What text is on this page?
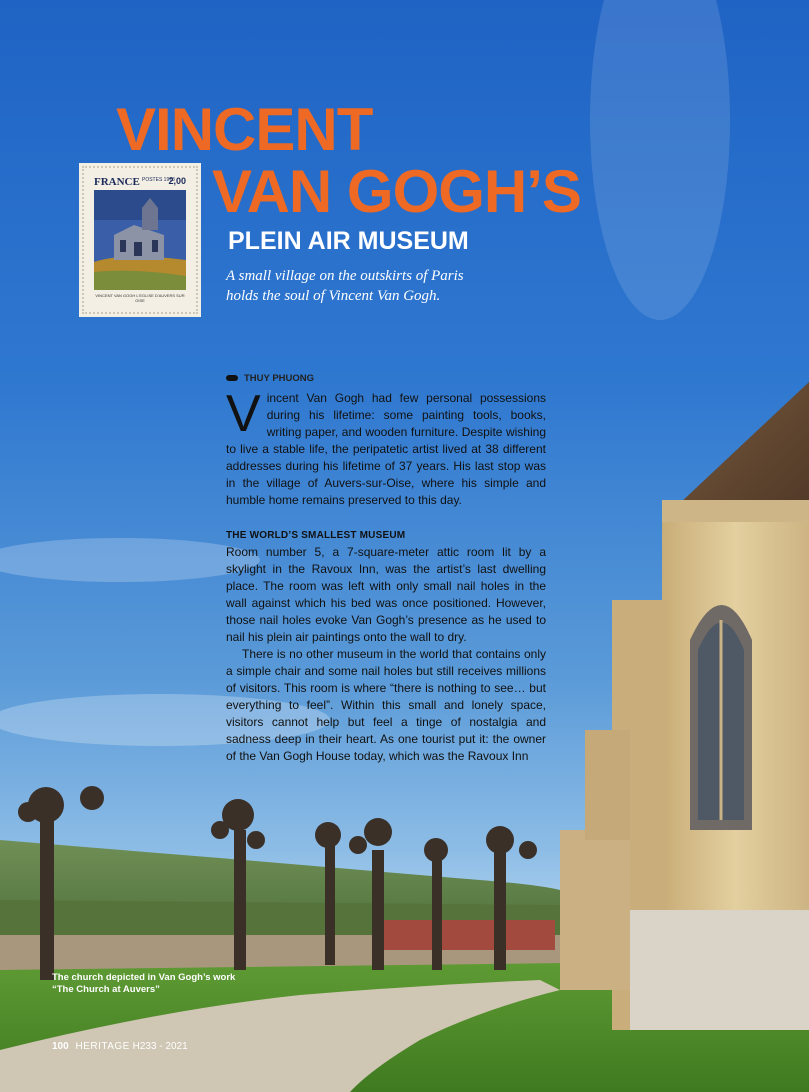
VINCENT
VAN GOGH’S
PLEIN AIR MUSEUM
A small village on the outskirts of Paris holds the soul of Vincent Van Gogh.
FRANCE POSTES 1978
2,00
VINCENT VAN GOGH L'EGLISE D'AUVERS SUR OISE
THUY PHUONG

Vincent Van Gogh had few personal possessions during his lifetime: some painting tools, books, writing paper, and wooden furniture. Despite wishing to live a stable life, the peripatetic artist lived at 38 different addresses during his lifetime of 37 years. His last stop was in the village of Auvers-sur-Oise, where his simple and humble home remains preserved to this day.

THE WORLD’S SMALLEST MUSEUM

Room number 5, a 7-square-meter attic room lit by a skylight in the Ravoux Inn, was the artist’s last dwelling place. The room was left with only small nail holes in the wall against which his bed was once positioned. However, those nail holes evoke Van Gogh’s presence as he used to nail his plein air paintings onto the wall to dry.

There is no other museum in the world that contains only a simple chair and some nail holes but still receives millions of visitors. This room is where “there is nothing to see… but everything to feel”. Within this small and lonely space, visitors cannot help but feel a tinge of nostalgia and sadness deep in their heart. As one tourist put it: the owner of the Van Gogh House today, which was the Ravoux Inn

The church depicted in Van Gogh’s work “The Church at Auvers”
100 HERITAGE H233 - 2021
